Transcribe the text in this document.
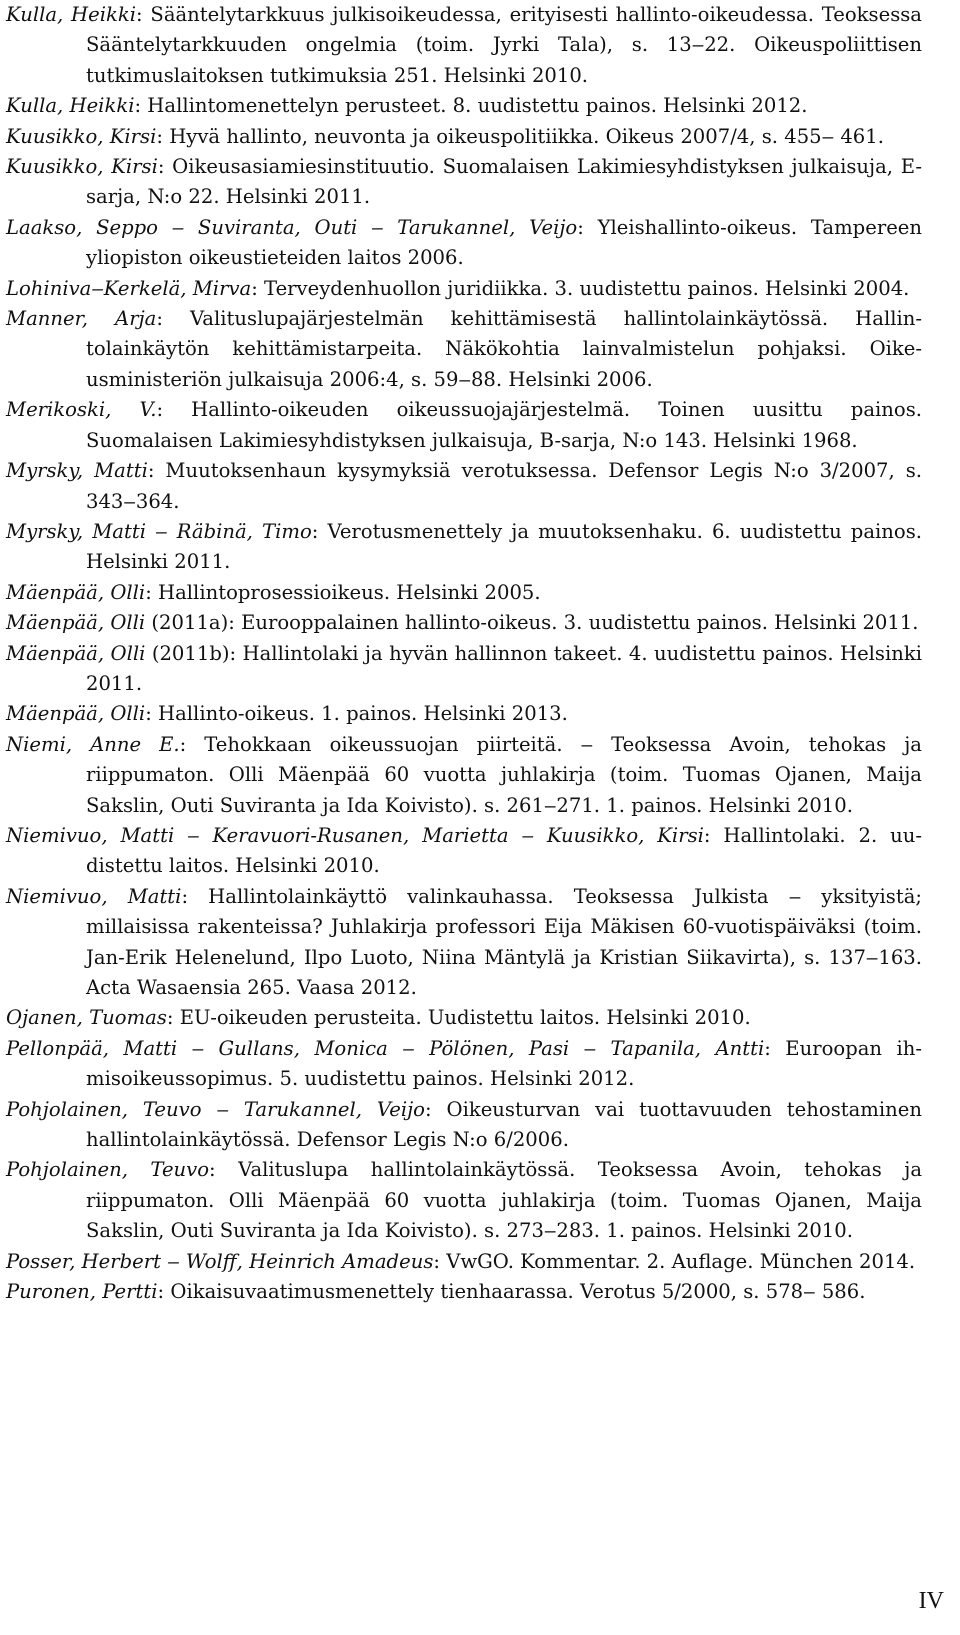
Kulla, Heikki: Sääntelytarkkuus julkisoikeudessa, erityisesti hallinto-oikeudessa. Teoksessa Sääntelytarkkuuden ongelmia (toim. Jyrki Tala), s. 13‒22. Oikeuspoliittisen tutkimuslaitoksen tutkimuksia 251. Helsinki 2010.

Kulla, Heikki: Hallintomenettelyn perusteet. 8. uudistettu painos. Helsinki 2012.

Kuusikko, Kirsi: Hyvä hallinto, neuvonta ja oikeuspolitiikka. Oikeus 2007/4, s. 455‒ 461.

Kuusikko, Kirsi: Oikeusasiamiesinstituutio. Suomalaisen Lakimiesyhdistyksen julkaisuja, E-sarja, N:o 22. Helsinki 2011.

Laakso, Seppo ‒ Suviranta, Outi ‒ Tarukannel, Veijo: Yleishallinto-oikeus. Tampereen yliopiston oikeustieteiden laitos 2006.

Lohiniva‒Kerkelä, Mirva: Terveydenhuollon juridiikka. 3. uudistettu painos. Helsinki 2004.

Manner, Arja: Valituslupajärjestelmän kehittämisestä hallintolainkäytössä. Hallintolainkäytön kehittämistarpeita. Näkökohtia lainvalmistelun pohjaksi. Oikeusministeriön julkaisuja 2006:4, s. 59‒88. Helsinki 2006.

Merikoski, V.: Hallinto-oikeuden oikeussuojajärjestelmä. Toinen uusittu painos. Suomalaisen Lakimiesyhdistyksen julkaisuja, B-sarja, N:o 143. Helsinki 1968.

Myrsky, Matti: Muutoksenhaun kysymyksiä verotuksessa. Defensor Legis N:o 3/2007, s. 343‒364.

Myrsky, Matti ‒ Räbinä, Timo: Verotusmenettely ja muutoksenhaku. 6. uudistettu painos. Helsinki 2011.

Mäenpää, Olli: Hallintoprosessioikeus. Helsinki 2005.

Mäenpää, Olli (2011a): Eurooppalainen hallinto-oikeus. 3. uudistettu painos. Helsinki 2011.

Mäenpää, Olli (2011b): Hallintolaki ja hyvän hallinnon takeet. 4. uudistettu painos. Helsinki 2011.

Mäenpää, Olli: Hallinto-oikeus. 1. painos. Helsinki 2013.

Niemi, Anne E.: Tehokkaan oikeussuojan piirteitä. ‒ Teoksessa Avoin, tehokas ja riippumaton. Olli Mäenpää 60 vuotta juhlakirja (toim. Tuomas Ojanen, Maija Sakslin, Outi Suviranta ja Ida Koivisto). s. 261‒271. 1. painos. Helsinki 2010.

Niemivuo, Matti ‒ Keravuori-Rusanen, Marietta ‒ Kuusikko, Kirsi: Hallintolaki. 2. uudistettu laitos. Helsinki 2010.

Niemivuo, Matti: Hallintolainkäyttö valinkauhassa. Teoksessa Julkista ‒ yksityistä; millaisissa rakenteissa? Juhlakirja professori Eija Mäkisen 60-vuotispäiväksi (toim. Jan-Erik Helenelund, Ilpo Luoto, Niina Mäntylä ja Kristian Siikavirta), s. 137‒163. Acta Wasaensia 265. Vaasa 2012.

Ojanen, Tuomas: EU-oikeuden perusteita. Uudistettu laitos. Helsinki 2010.

Pellonpää, Matti ‒ Gullans, Monica ‒ Pölönen, Pasi ‒ Tapanila, Antti: Euroopan ihmisoikeussopimus. 5. uudistettu painos. Helsinki 2012.

Pohjolainen, Teuvo ‒ Tarukannel, Veijo: Oikeusturvan vai tuottavuuden tehostaminen hallintolainkäytössä. Defensor Legis N:o 6/2006.

Pohjolainen, Teuvo: Valituslupa hallintolainkäytössä. Teoksessa Avoin, tehokas ja riippumaton. Olli Mäenpää 60 vuotta juhlakirja (toim. Tuomas Ojanen, Maija Sakslin, Outi Suviranta ja Ida Koivisto). s. 273‒283. 1. painos. Helsinki 2010.

Posser, Herbert ‒ Wolff, Heinrich Amadeus: VwGO. Kommentar. 2. Auflage. München 2014.

Puronen, Pertti: Oikaisuvaatimusmenettely tienhaarassa. Verotus 5/2000, s. 578‒ 586.

IV
